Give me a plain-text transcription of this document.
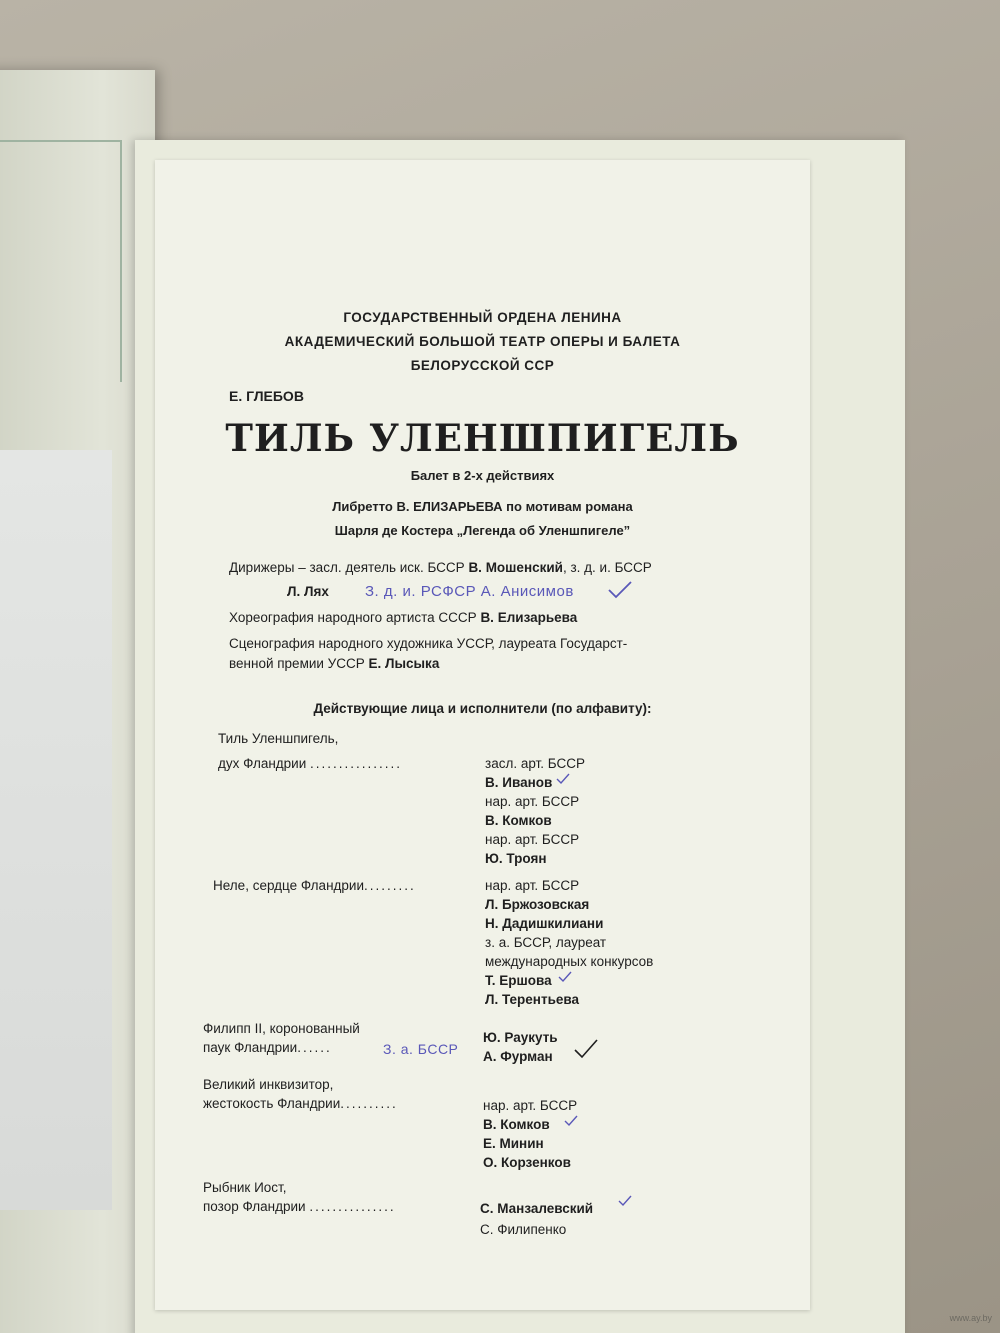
ГОСУДАРСТВЕННЫЙ ОРДЕНА ЛЕНИНА
АКАДЕМИЧЕСКИЙ БОЛЬШОЙ ТЕАТР ОПЕРЫ И БАЛЕТА
БЕЛОРУССКОЙ ССР
Е. ГЛЕБОВ
ТИЛЬ УЛЕНШПИГЕЛЬ
Балет в 2-х действиях
Либретто В. ЕЛИЗАРЬЕВА по мотивам романа
Шарля де Костера „Легенда об Уленшпигеле”
Дирижеры – засл. деятель иск. БССР В. Мошенский, з. д. и. БССР
Л. Лях З. д. и. РСФСР А. Анисимов
Хореография народного артиста СССР В. Елизарьева
Сценография народного художника УССР, лауреата Государст-
венной премии УССР Е. Лысыка
Действующие лица и исполнители (по алфавиту):
Тиль Уленшпигель,
дух Фландрии ................	засл. арт. БССР
В. Иванов
нар. арт. БССР
В. Комков
нар. арт. БССР
Ю. Троян
Неле, сердце Фландрии.........	нар. арт. БССР
Л. Бржозовская
Н. Дадишкилиани
з. а. БССР, лауреат
международных конкурсов
Т. Ершова
Л. Терентьева
Филипп II, коронованный
паук Фландрии......	З. а. БССР
Ю. Раукуть
А. Фурман
Великий инквизитор,
жестокость Фландрии..........	нар. арт. БССР
В. Комков
Е. Минин
О. Корзенков
Рыбник Иост,
позор Фландрии ...............	С. Манзалевский
С. Филипенко
www.ay.by
